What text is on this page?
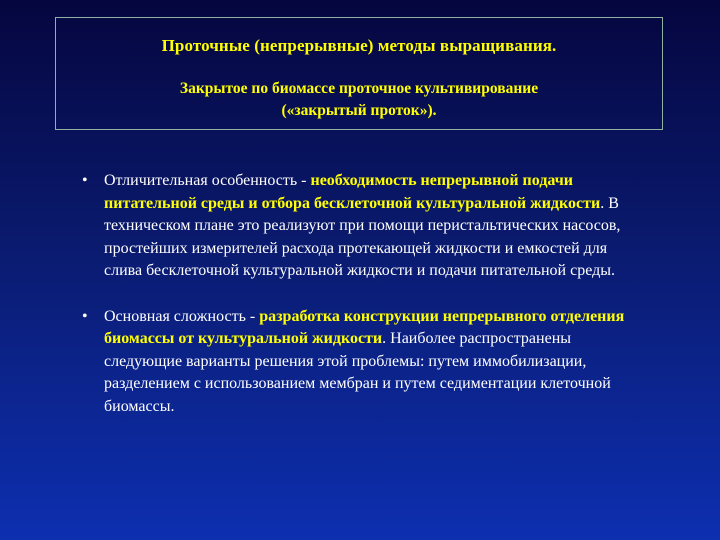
Проточные (непрерывные) методы выращивания.
Закрытое по биомассе проточное культивирование
(«закрытый проток»).
• Отличительная особенность - необходимость непрерывной подачи питательной среды и отбора бесклеточной культуральной жидкости. В техническом плане это реализуют при помощи перистальтических насосов, простейших измерителей расхода протекающей жидкости и емкостей для слива бесклеточной культуральной жидкости и подачи питательной среды.
• Основная сложность - разработка конструкции непрерывного отделения биомассы от культуральной жидкости. Наиболее распространены следующие варианты решения этой проблемы: путем иммобилизации, разделением с использованием мембран и путем седиментации клеточной биомассы.
